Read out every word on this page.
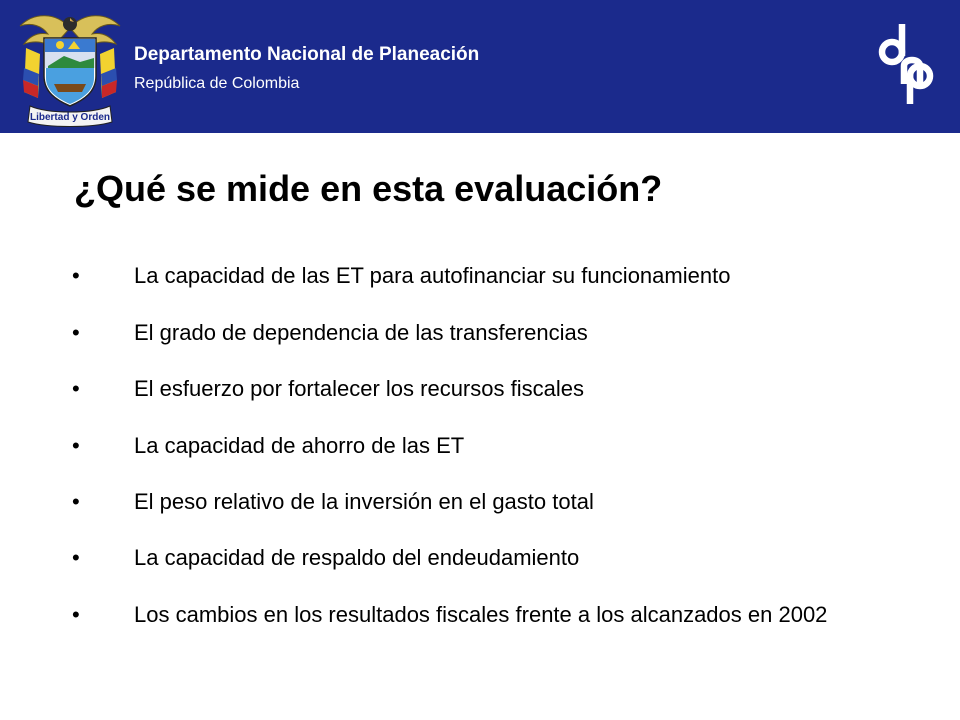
Libertad y Orden
Departamento Nacional de Planeación
República de Colombia
¿Qué se mide en esta evaluación?
• La capacidad de las ET para autofinanciar su funcionamiento
• El grado de dependencia de las transferencias
• El esfuerzo por fortalecer los recursos fiscales
• La capacidad de ahorro de las ET
• El peso relativo de la inversión en el gasto total
• La capacidad de respaldo del endeudamiento
• Los cambios en los resultados fiscales frente a los alcanzados en 2002
